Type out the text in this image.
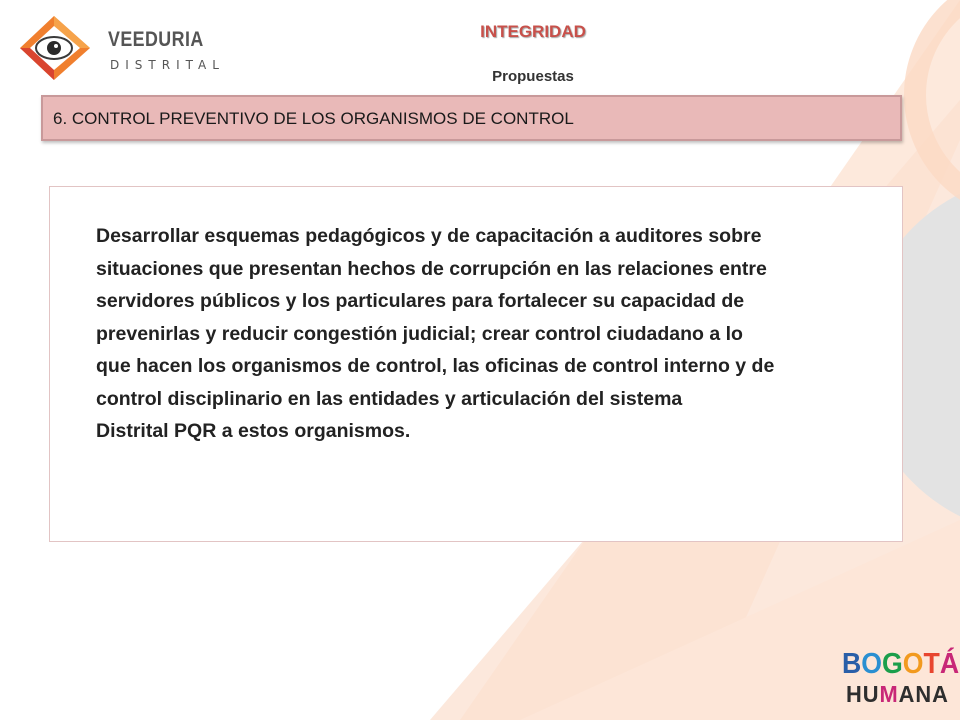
VEEDURIA
DISTRITAL
INTEGRIDAD
Propuestas
6. CONTROL PREVENTIVO DE LOS ORGANISMOS DE CONTROL

Desarrollar esquemas pedagógicos y de capacitación a auditores sobre
situaciones que presentan hechos de corrupción en las relaciones entre
servidores públicos y los particulares para fortalecer su capacidad de
prevenirlas y reducir congestión judicial; crear control ciudadano a lo
que hacen los organismos de control, las oficinas de control interno y de
control disciplinario en las entidades y articulación del sistema
Distrital PQR a estos organismos.

BOGOTÁ
HUMANA
